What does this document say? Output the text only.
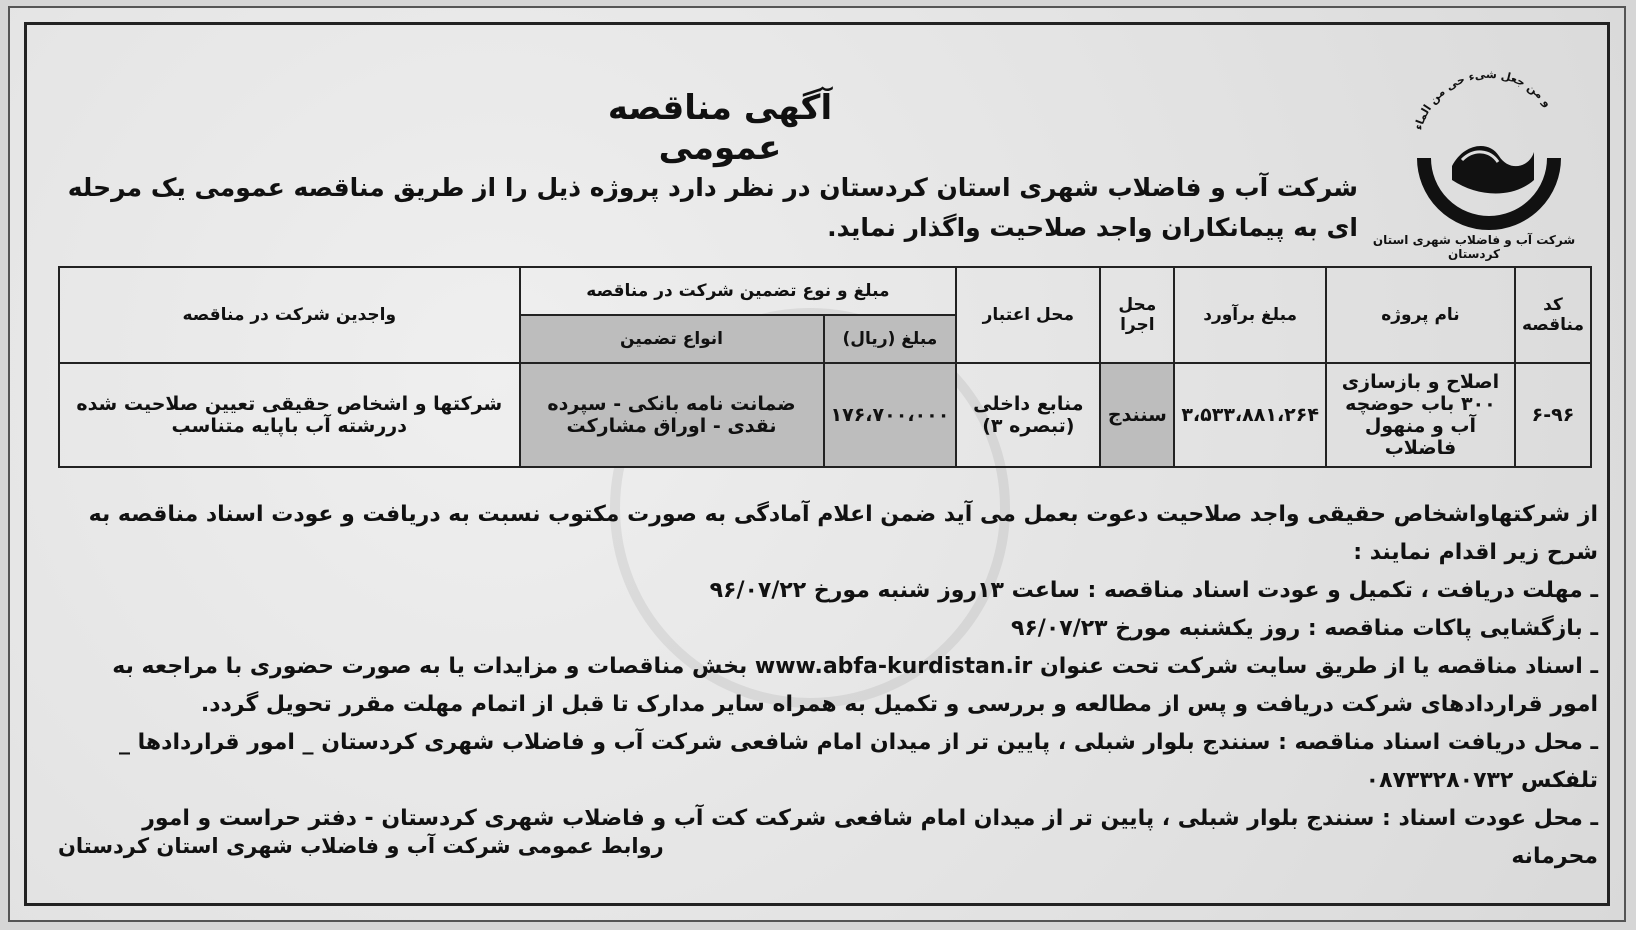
و من جعل شیء حی من الماء
شرکت آب و فاضلاب شهری استان کردستان
آگهی مناقصه عمومی
شرکت آب و فاضلاب شهری استان کردستان در نظر دارد پروژه ذیل را از طریق مناقصه عمومی یک مرحله ای به پیمانکاران واجد صلاحیت واگذار نماید.
کد مناقصه	نام پروژه	مبلغ برآورد	محل اجرا	محل اعتبار	مبلغ و نوع تضمین شرکت در مناقصه		واجدین شرکت در مناقصه
					مبلغ (ریال)	انواع تضمین	
۶-۹۶	اصلاح و بازسازی ۳۰۰ باب حوضچه آب و منهول فاضلاب	۳،۵۳۳،۸۸۱،۲۶۴	سنندج	منابع داخلی (تبصره ۳)	۱۷۶،۷۰۰،۰۰۰	ضمانت نامه بانکی - سپرده نقدی - اوراق مشارکت	شرکتها و اشخاص حقیقی تعیین صلاحیت شده دررشته آب باپایه متناسب

از شرکتهاواشخاص حقیقی واجد صلاحیت دعوت بعمل می آید ضمن اعلام آمادگی به صورت مکتوب نسبت به دریافت و عودت اسناد مناقصه به شرح زیر اقدام نمایند :

ـ مهلت دریافت ، تکمیل و عودت اسناد مناقصه : ساعت ۱۳روز شنبه مورخ ۹۶/۰۷/۲۲

ـ بازگشایی پاکات مناقصه : روز یکشنبه مورخ ۹۶/۰۷/۲۳

ـ اسناد مناقصه یا از طریق سایت شرکت تحت عنوان www.abfa-kurdistan.ir بخش مناقصات و مزایدات یا به صورت حضوری با مراجعه به امور قراردادهای شرکت دریافت و پس از مطالعه و بررسی و تکمیل به همراه سایر مدارک تا قبل از اتمام مهلت مقرر تحویل گردد.

ـ محل دریافت اسناد مناقصه : سنندج بلوار شبلی ، پایین تر از میدان امام شافعی شرکت آب و فاضلاب شهری کردستان _ امور قراردادها _ تلفکس ۰۸۷۳۳۲۸۰۷۳۲

ـ محل عودت اسناد : سنندج بلوار شبلی ، پایین تر از میدان امام شافعی شرکت کت آب و فاضلاب شهری کردستان - دفتر حراست و امور محرمانه

روابط عمومی شرکت آب و فاضلاب شهری استان کردستان
